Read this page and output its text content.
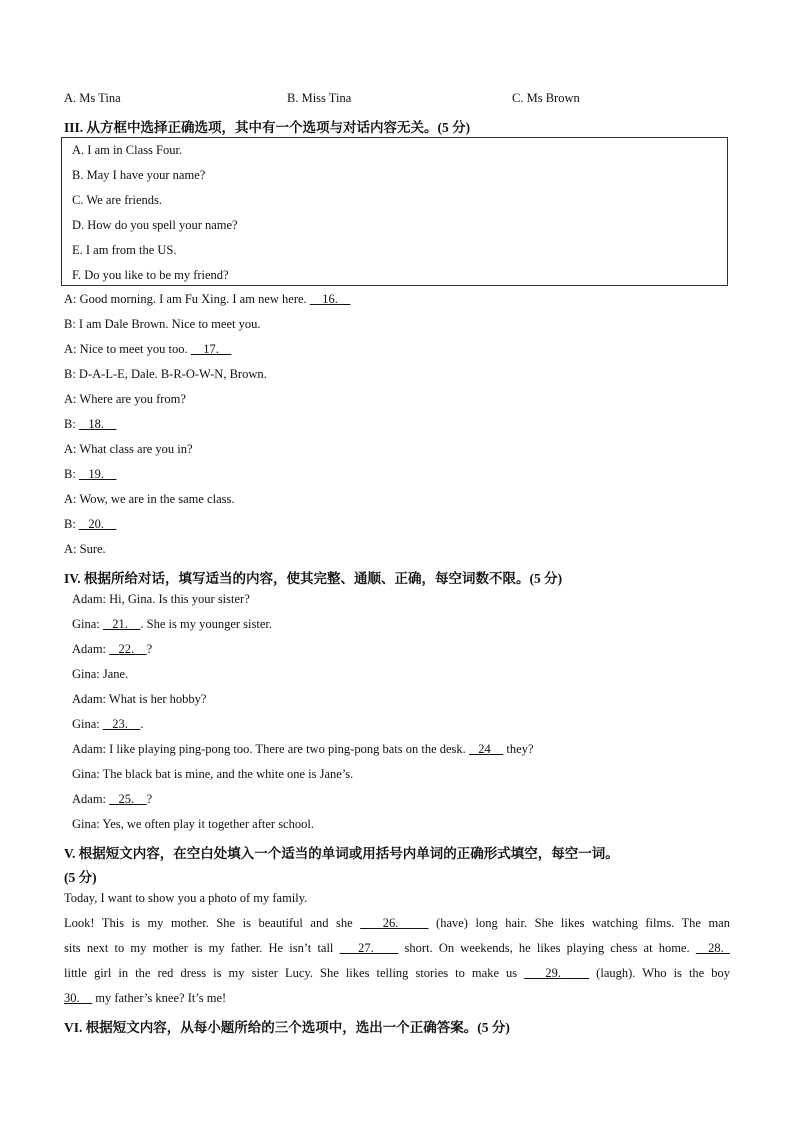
A. Ms Tina	B. Miss Tina	C. Ms Brown
III. 从方框中选择正确选项，其中有一个选项与对话内容无关。(5 分)
A. I am in Class Four.
B. May I have your name?
C. We are friends.
D. How do you spell your name?
E. I am from the US.
F. Do you like to be my friend?
A: Good morning. I am Fu Xing. I am new here.     16.
B: I am Dale Brown. Nice to meet you.
A: Nice to meet you too.     17.
B: D-A-L-E, Dale. B-R-O-W-N, Brown.
A: Where are you from?
B:    18.
A: What class are you in?
B:    19.
A: Wow, we are in the same class.
B:    20.
A: Sure.
IV. 根据所给对话，填写适当的内容，使其完整、通顺、正确，每空词数不限。(5 分)
Adam: Hi, Gina. Is this your sister?
Gina:    21.    . She is my younger sister.
Adam:    22.    ?
Gina: Jane.
Adam: What is her hobby?
Gina:    23.    .
Adam: I like playing ping-pong too. There are two ping-pong bats on the desk.    24     they?
Gina: The black bat is mine, and the white one is Jane’s.
Adam:    25.    ?
Gina: Yes, we often play it together after school.
V. 根据短文内容，在空白处填入一个适当的单词或用括号内单词的正确形式填空，每空一词。
(5 分)
Today, I want to show you a photo of my family.
Look! This is my mother. She is beautiful and she    26.     (have) long hair. She likes watching films. The man
sits next to my mother is my father. He isn’t tall    27.     short. On weekends, he likes playing chess at home.   28.
little girl in the red dress is my sister Lucy. She likes telling stories to make us    29.     (laugh). Who is the boy
30.     my father’s knee? It’s me!
VI. 根据短文内容，从每小题所给的三个选项中，选出一个正确答案。(5 分)
